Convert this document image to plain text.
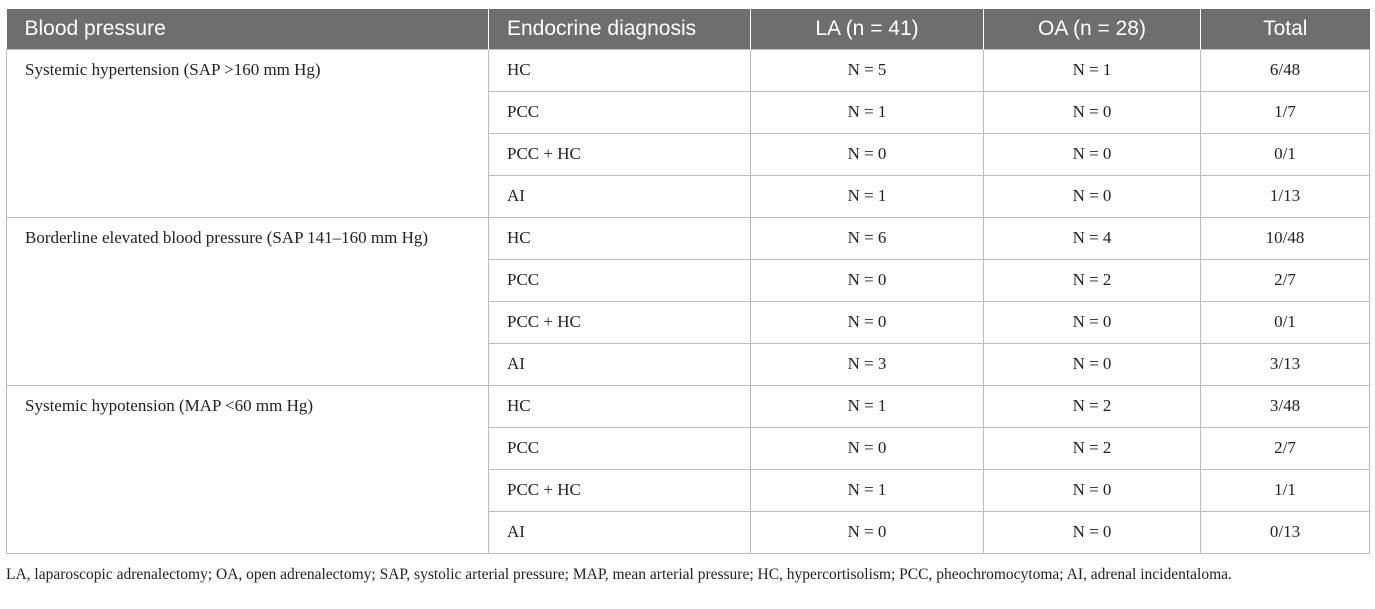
Blood pressure	Endocrine diagnosis	LA (n = 41)	OA (n = 28)	Total
Systemic hypertension (SAP >160 mm Hg)	HC	N = 5	N = 1	6/48
	PCC	N = 1	N = 0	1/7
	PCC + HC	N = 0	N = 0	0/1
	AI	N = 1	N = 0	1/13
Borderline elevated blood pressure (SAP 141–160 mm Hg)	HC	N = 6	N = 4	10/48
	PCC	N = 0	N = 2	2/7
	PCC + HC	N = 0	N = 0	0/1
	AI	N = 3	N = 0	3/13
Systemic hypotension (MAP <60 mm Hg)	HC	N = 1	N = 2	3/48
	PCC	N = 0	N = 2	2/7
	PCC + HC	N = 1	N = 0	1/1
	AI	N = 0	N = 0	0/13
LA, laparoscopic adrenalectomy; OA, open adrenalectomy; SAP, systolic arterial pressure; MAP, mean arterial pressure; HC, hypercortisolism; PCC, pheochromocytoma; AI, adrenal incidentaloma.
